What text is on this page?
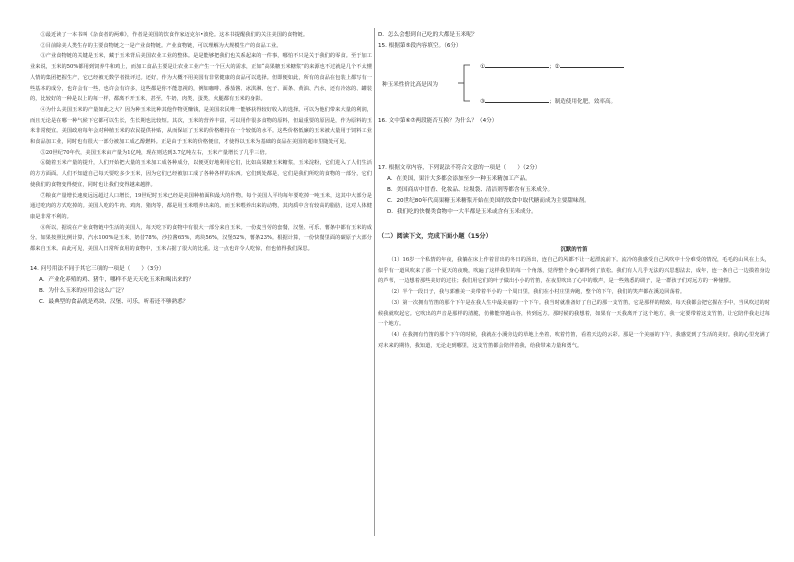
①最近读了一本书叫《杂食者的两难》，作者是美国的饮食作家迈克尔•波伦。这本书提醒我们的关注美国的食物链。

②目前除美人类生存的主要食物链之一是产业食物链。产业食物链，可以理解为大规模生产的食品工业。

③产业食物链的关键是玉米，藏于玉米背后美国农业工业的整体。是是能够把我们也关系起来的一件事，哪怕不只是关于我们的零食。至于加工业来说，玉米的50%都用到饲养牛和鸡上，而加工食品主要是让农业工业产生一个巨大的需求，正如“高果糖玉米糖浆”的来源也不过就是几个不太懂人情的集团把握生产，它已经被无数学者批评过。还好，作为大概不用美国有非常健康的食品可以选择。但即便如此，所有的食品在包装上都写有一些基本的成分，也许会有一些，也许会有许多，这些都是你不能忽视的，例如咖啡、番茄酱、冰淇淋、包子、面条、黄油、汽水，还有冷冻的、罐装的，比较好的一种是以上的每一样，都离不开玉米，甚至，牛奶，肉类，蛋类，火腿都有玉米的身影。

④为什么美国玉米的产量如此之大？因为种玉米比种其他作物更赚钱，是美国农民唯一能够获得较好收入的选择。可以为他们带来大量的利润，而且无论是在哪一种气候下它都可以生长，生长期也比较短。其次，玉米的营养丰富，可以用作很多食物的原料，但最重要的原因是，作为原料的玉米非常便宜。美国政府每年会对种植玉米的农民提供补贴，从而保证了玉米的价格维持在一个较低的水平。这些价格低廉的玉米被大量用于饲料工业和食品加工业，同时也有很大一部分被加工成乙醇燃料。正是由于玉米的价格便宜，才使得以玉米为基础的食品在美国的超市里随处可见。

⑤20世纪70年代，美国玉米亩产量为1亿吨，现在则达到3.7亿吨左右，玉米产量增长了几乎三倍。

⑥随着玉米产量的提升，人们开始把大量的玉米加工成各种成分，以便更好地利用它们，比如高果糖玉米糖浆，玉米淀粉，它们进入了人们生活的方方面面。人们不知道自己每天要吃多少玉米，因为它们已经被加工成了各种各样的东西。它们到处都是，它们是我们所吃的食物的一部分，它们使我们的食物变得便宜，同时也让我们变得越来越胖。

⑦粮食产量增长速度远远超过人口增长，19世纪时玉米已经是美国种植面积最大的作物。每个美国人平均每年要吃掉一吨玉米，这其中大部分是通过吃肉的方式吃掉的。美国人吃的牛肉、鸡肉、猪肉等，都是用玉米喂养出来的。而玉米喂养出来的动物，其肉质中含有较高的脂肪，这对人体健康是非常不利的。

⑧所以，据说在产业食物链中生活的美国人，每天吃下的食物中有很大一部分来自玉米。一份麦当劳的套餐，汉堡、可乐、薯条中都有玉米的成分。如果按照比例计算，汽水100%是玉米，奶昔78%，沙拉酱65%，鸡块56%，汉堡52%，薯条23%。根据计算，一份快餐里面的碳原子大部分都来自玉米。由此可见，美国人日常所食用的食物中，玉米占据了很大的比重。这一点也许令人吃惊，但也值得我们深思。

14. 问号用法不同于其它三项的一项是（　　）（3分）

A．产业化养殖的鸡、猪牛，哪样不是天天吃玉米和喝出来的？

B．为什么玉米的应用会这么广泛？

C．最典型的食品就是鸡块、汉堡、可乐，听着还不够熟悉？

D．怎么会想到自己吃的大都是玉米呢？

15. 根据第⑤段内容填空。（6分）

种玉米性价比高是因为
①	；②
③	；制造使用化肥，效率高。

16. 文中第⑥⑦两段能否互换？为什么？（4分）

17. 根据文章内容，下列说法不符合文意的一项是（　　）（2分）

A．在美国，果汁大多都会添加至少一种玉米精加工产品。

B．美国商店中冒香、化妆品、垃圾袋、清洁剂等都含有玉米成分。

C．20世纪80年代高果糖玉米糖浆开始在美国的饮食中取代糖而成为主要甜味剂。

D．我们吃的快餐类食物中一大半都是玉米或含有玉米成分。

（二）阅读下文，完成下面小题（15分）

沉默的竹笛

（1）16岁一个私情的年夜，我躺在床上作着冒出的冬日的汤出，连自己的风都不让一起漂流前下。流冷的我感受自己风吹中十分难受的情况，毛毛的山风在上头，似乎有一道风吹来了那一个夏天的夜晚，吹遍了这样我里的每一个角落，觉得整个身心都得到了放松。我们有人几乎无法的兴思想法去，成年，连一条自己一边摸着身边的芦苇，一边想着那些美好的过往；我们用它们的叶子做出小小的竹笛，在夜里吹出了心中的歌声，是一些熟悉的调子，是一群孩子们对远方的一种憧憬。

（2）半个一段日子，我与郭雅美一美带着半小的一个周日里，我们在小村庄里奔跑，整个的下午，我们的笑声都在溪边回荡着。

（3）第一次拥有竹笛的那个下午是在我人生中最美丽的一个下午。我当时就准备好了自己的那一支竹笛，它是那样的精致，每天我都会把它握在手中，当风吹过的时候我就吹起它。它吹出的声音是那样的清脆，仿佛能穿越山谷，传到远方。那时候的我想着，如果有一天我离开了这个地方，我一定要带着这支竹笛，让它陪伴我走过每一个地方。

（4）在我拥有竹笛的那个下午的时候，我就在小溪旁边的草地上坐着，吹着竹笛，看着天边的云彩。那是一个美丽的下午，我感觉到了生活的美好。我的心里充满了对未来的期待，我知道，无论走到哪里，这支竹笛都会陪伴着我，给我带来力量和勇气。
